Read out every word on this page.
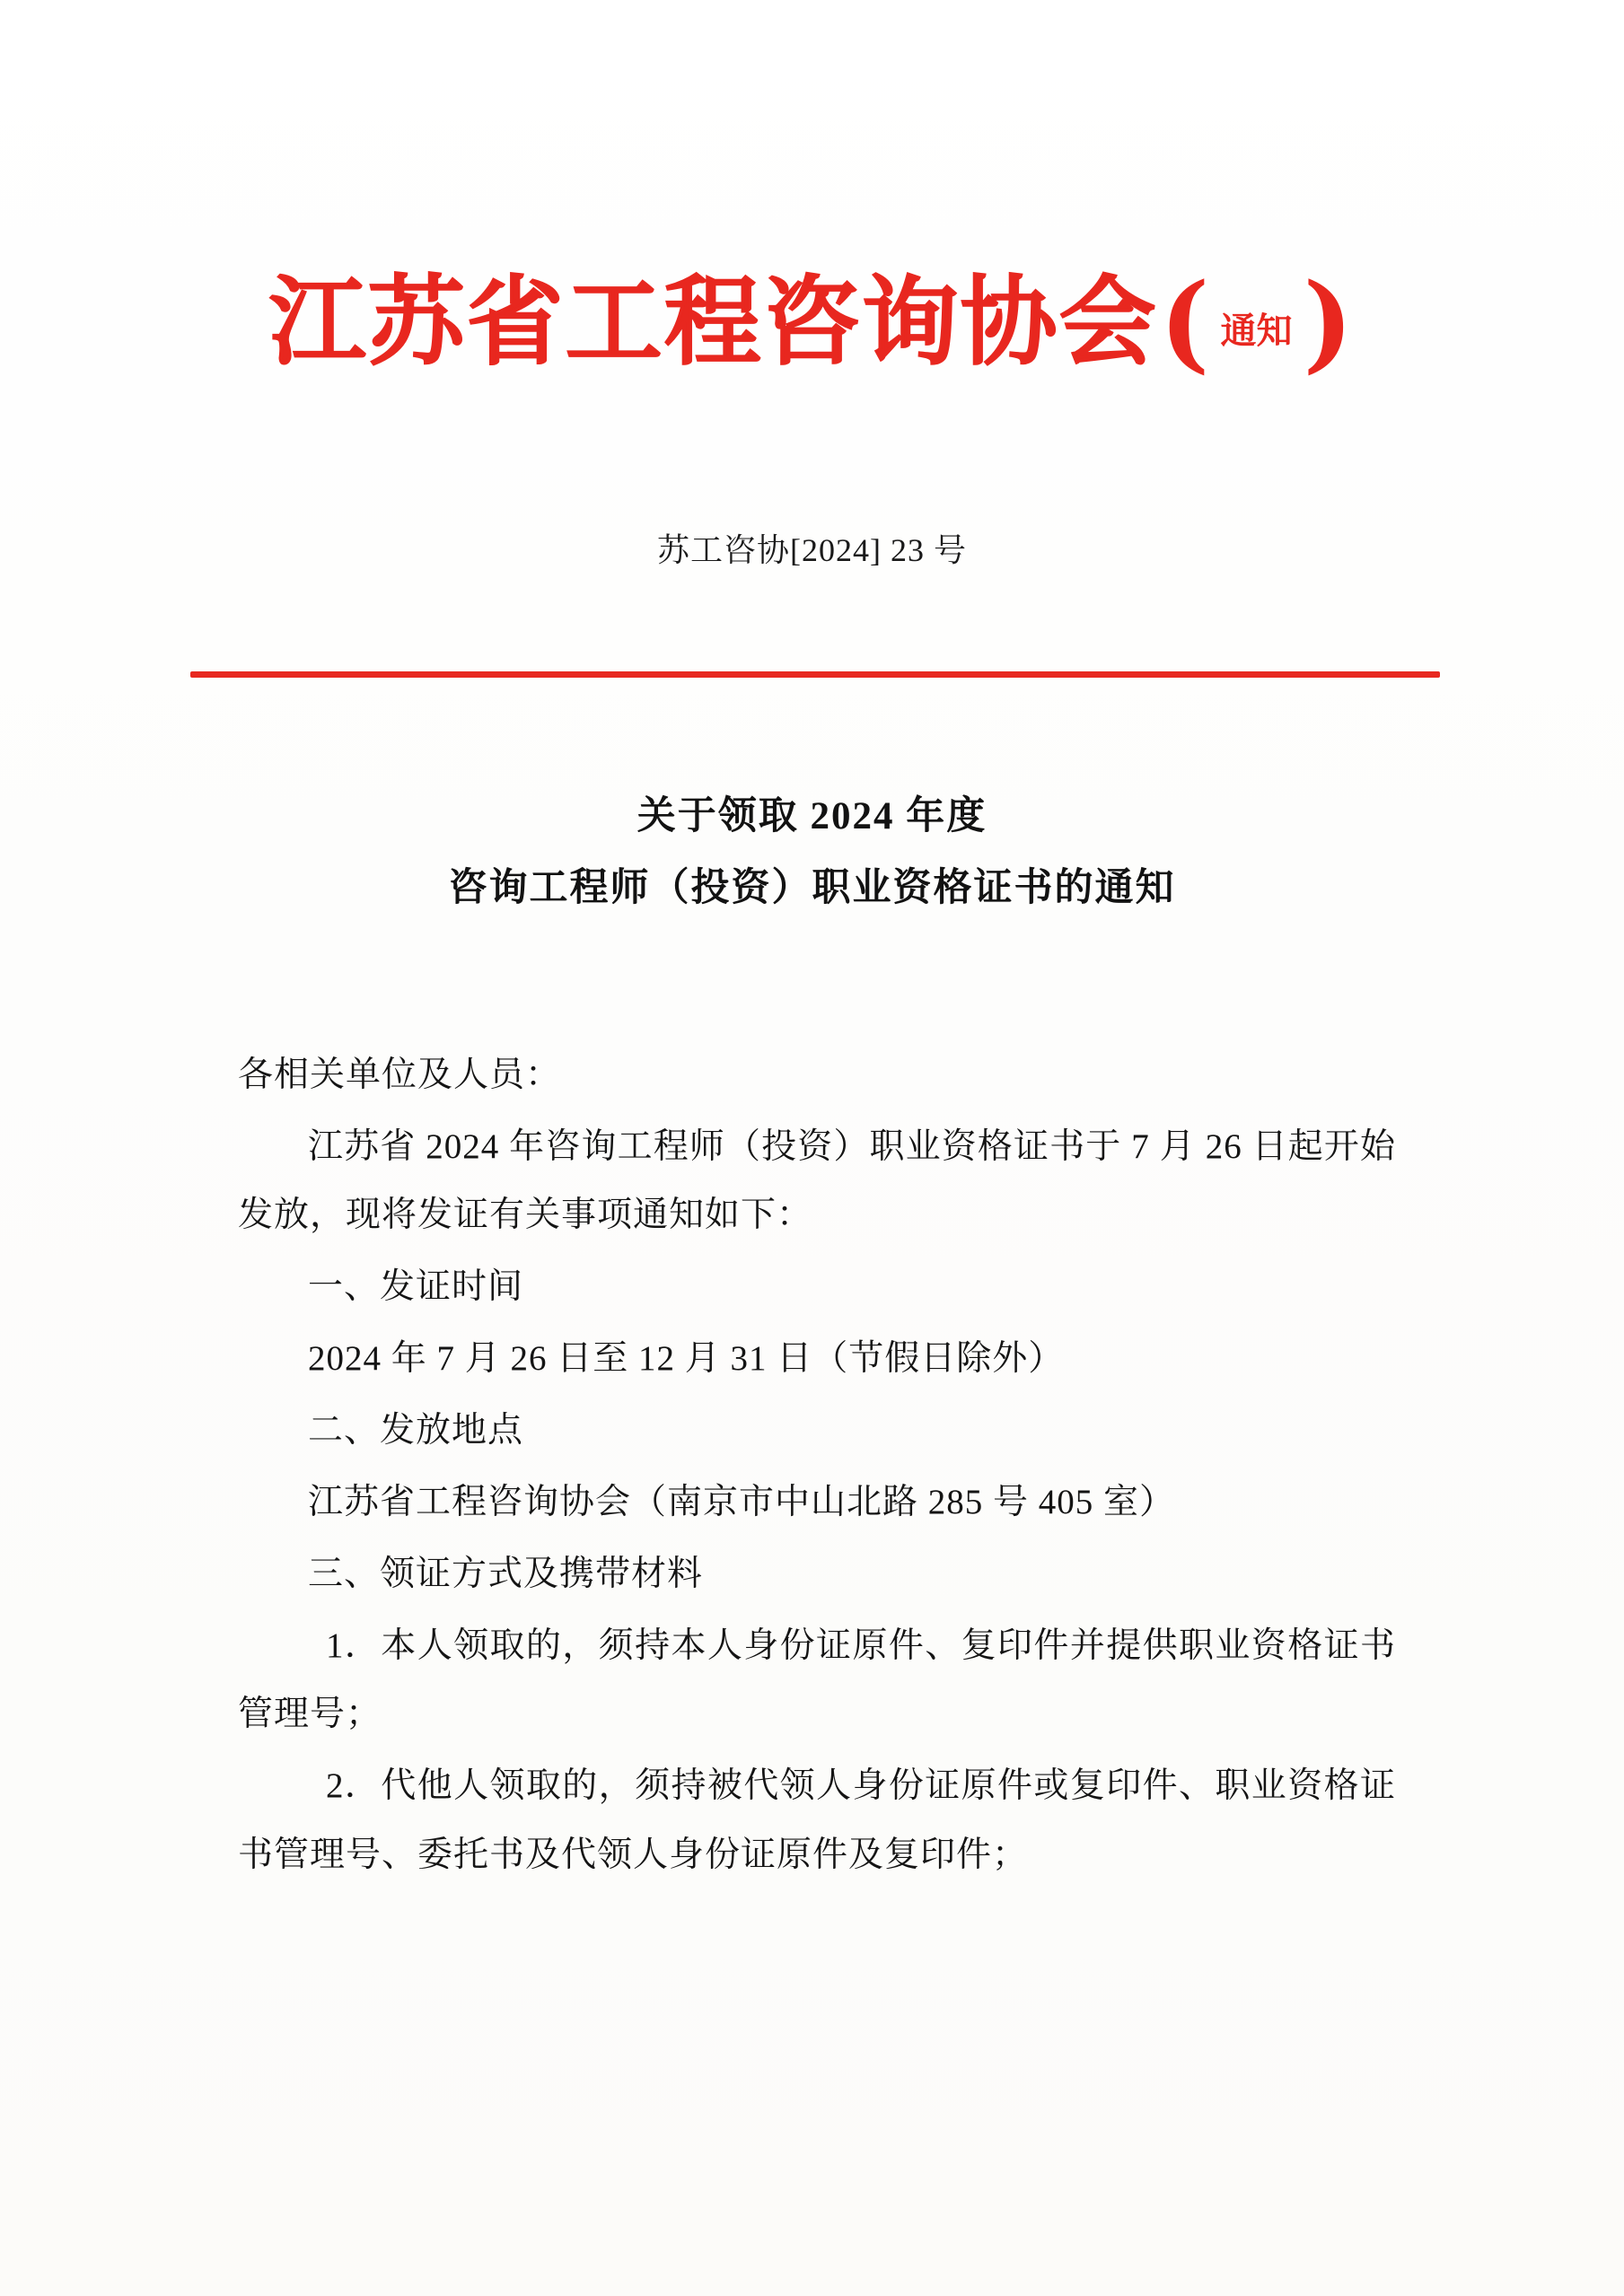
江苏省工程咨询协会( 通知 )
苏工咨协[2024] 23 号
关于领取 2024 年度
咨询工程师（投资）职业资格证书的通知

各相关单位及人员：

江苏省 2024 年咨询工程师（投资）职业资格证书于 7 月 26 日起开始发放，现将发证有关事项通知如下：

一、发证时间

2024 年 7 月 26 日至 12 月 31 日（节假日除外）

二、发放地点

江苏省工程咨询协会（南京市中山北路 285 号 405 室）

三、领证方式及携带材料

1．本人领取的，须持本人身份证原件、复印件并提供职业资格证书管理号；

2．代他人领取的，须持被代领人身份证原件或复印件、职业资格证书管理号、委托书及代领人身份证原件及复印件；
